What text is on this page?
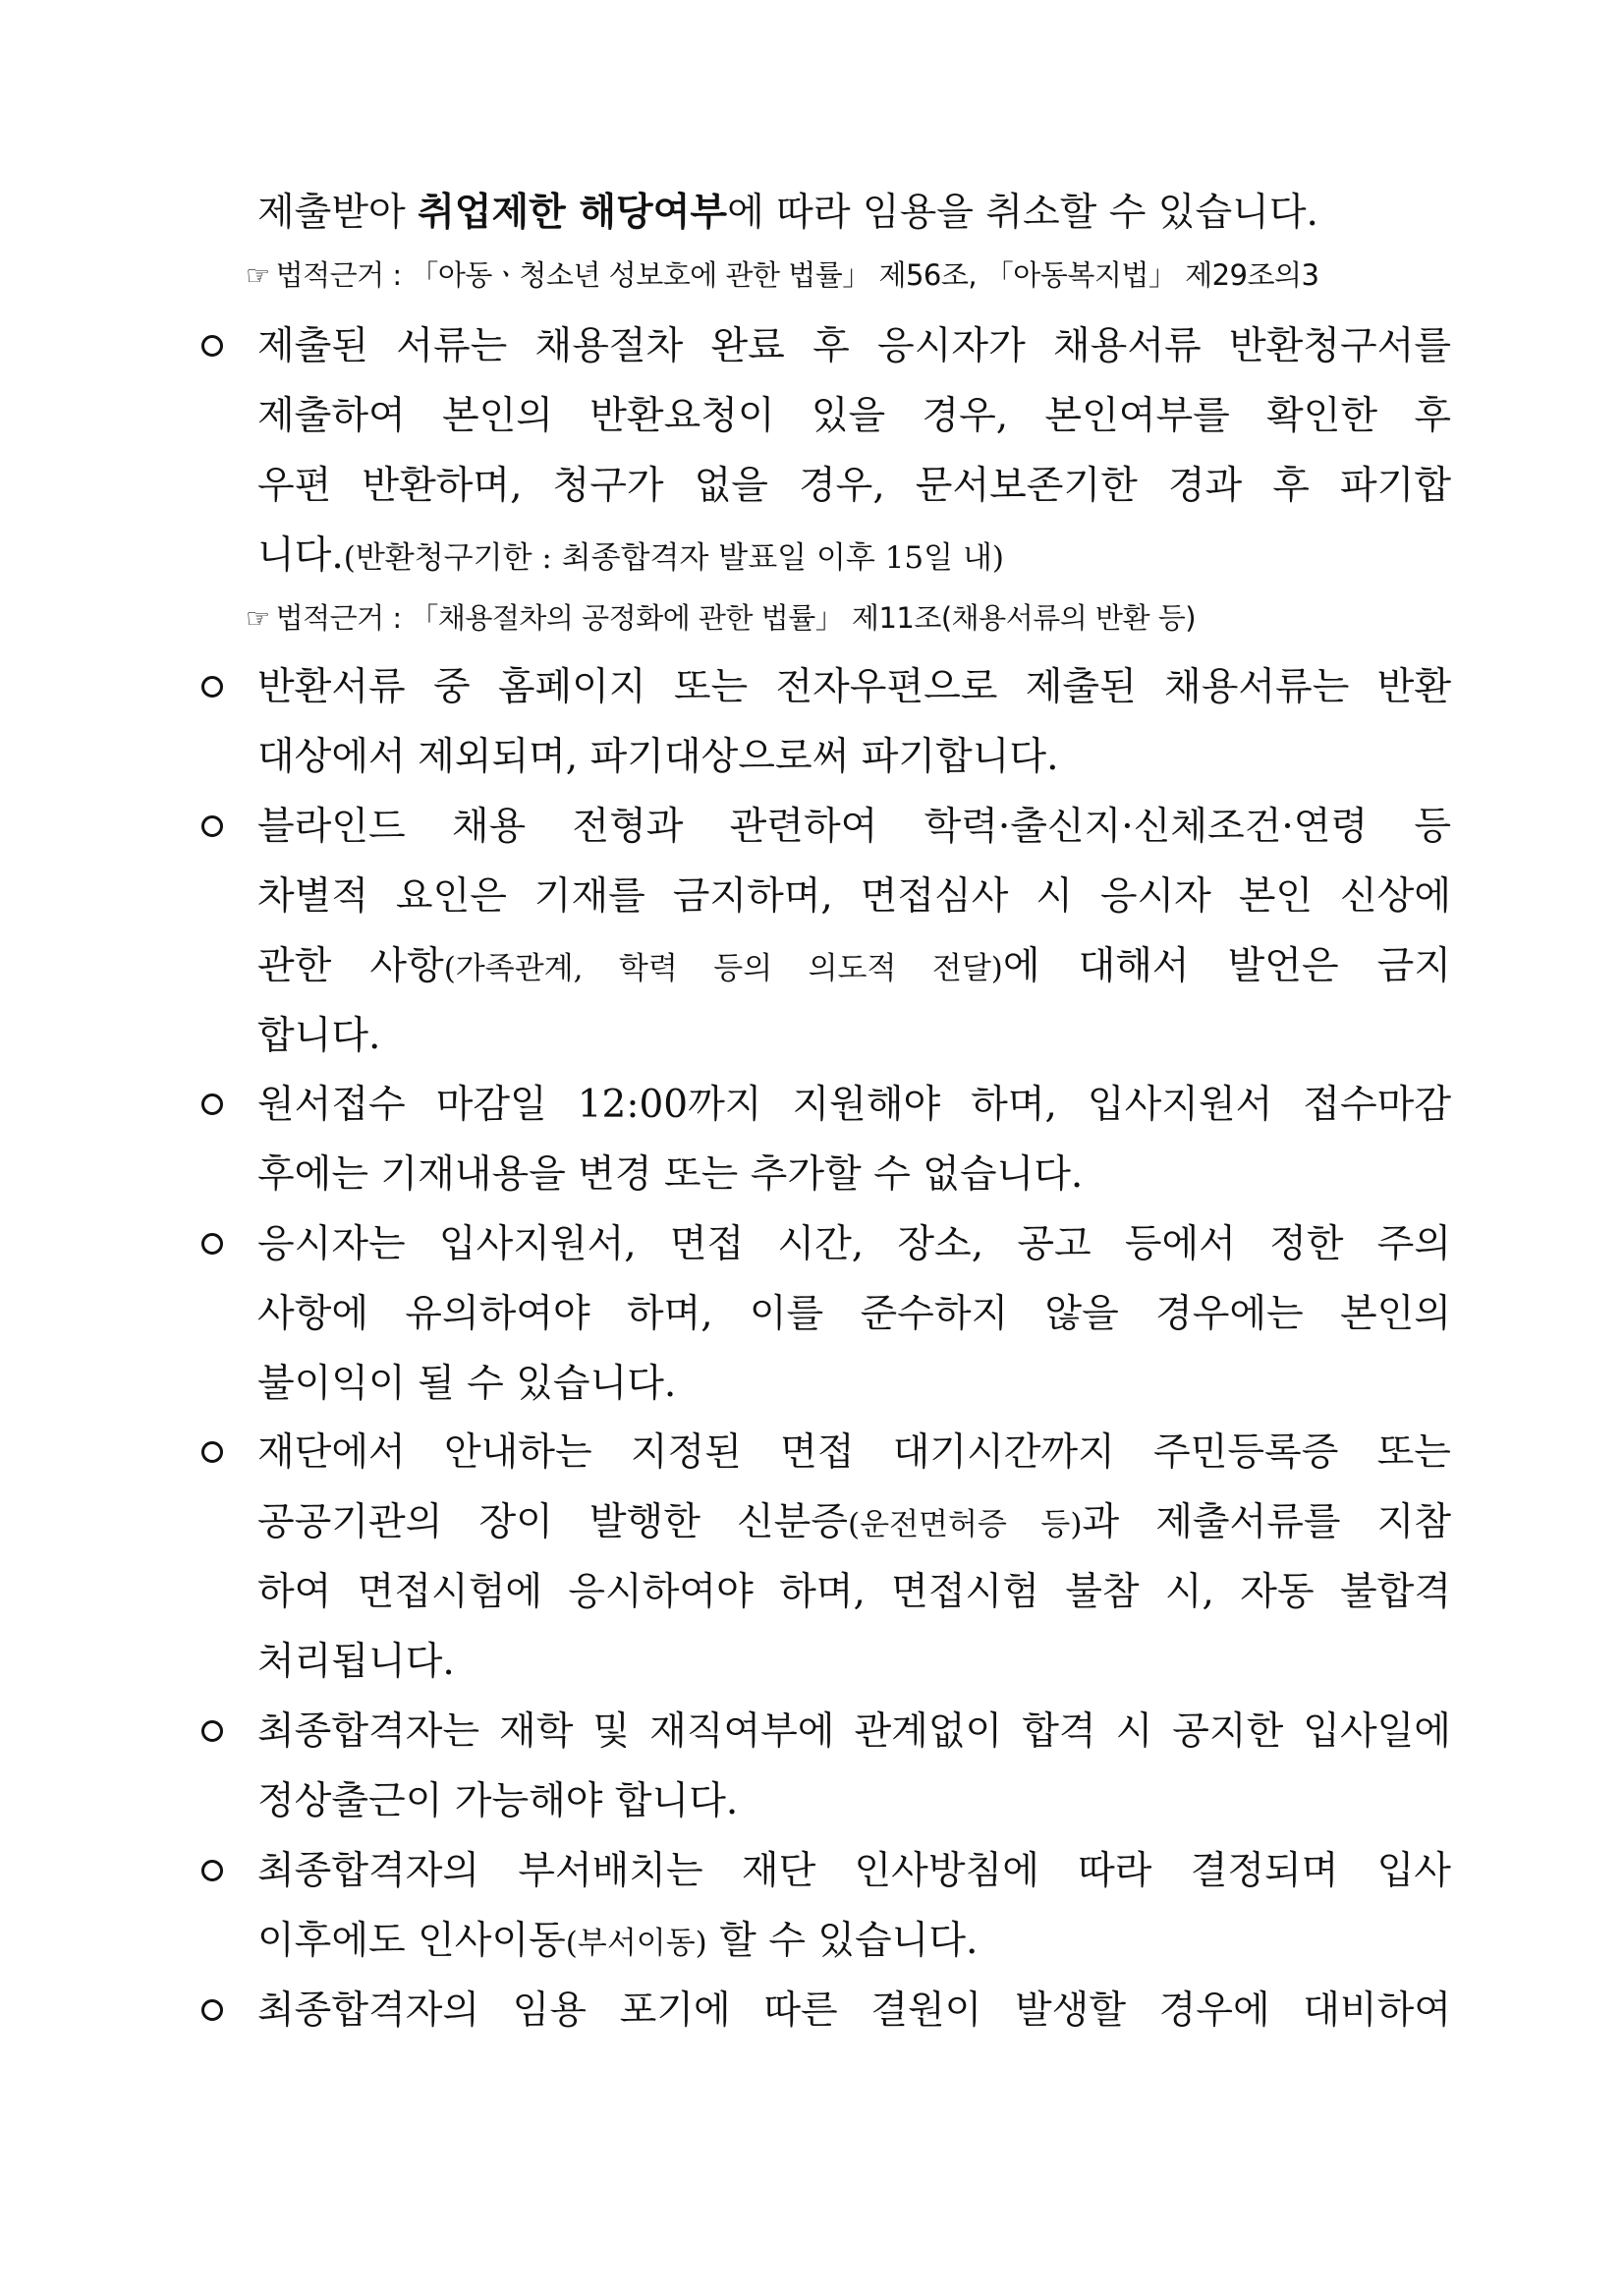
제출받아 취업제한 해당여부에 따라 임용을 취소할 수 있습니다.
☞ 법적근거 : 「아동ㆍ청소년 성보호에 관한 법률」 제56조, 「아동복지법」 제29조의3
제출된 서류는 채용절차 완료 후 응시자가 채용서류 반환청구서를
제출하여 본인의 반환요청이 있을 경우, 본인여부를 확인한 후
우편 반환하며, 청구가 없을 경우, 문서보존기한 경과 후 파기합
니다.(반환청구기한 : 최종합격자 발표일 이후 15일 내)
☞ 법적근거 : 「채용절차의 공정화에 관한 법률」 제11조(채용서류의 반환 등)
반환서류 중 홈페이지 또는 전자우편으로 제출된 채용서류는 반환
대상에서 제외되며, 파기대상으로써 파기합니다.
블라인드 채용 전형과 관련하여 학력·출신지·신체조건·연령 등
차별적 요인은 기재를 금지하며, 면접심사 시 응시자 본인 신상에
관한 사항(가족관계, 학력 등의 의도적 전달)에 대해서 발언은 금지
합니다.
원서접수 마감일 12:00까지 지원해야 하며, 입사지원서 접수마감
후에는 기재내용을 변경 또는 추가할 수 없습니다.
응시자는 입사지원서, 면접 시간, 장소, 공고 등에서 정한 주의
사항에 유의하여야 하며, 이를 준수하지 않을 경우에는 본인의
불이익이 될 수 있습니다.
재단에서 안내하는 지정된 면접 대기시간까지 주민등록증 또는
공공기관의 장이 발행한 신분증(운전면허증 등)과 제출서류를 지참
하여 면접시험에 응시하여야 하며, 면접시험 불참 시, 자동 불합격
처리됩니다.
최종합격자는 재학 및 재직여부에 관계없이 합격 시 공지한 입사일에
정상출근이 가능해야 합니다.
최종합격자의 부서배치는 재단 인사방침에 따라 결정되며 입사
이후에도 인사이동(부서이동) 할 수 있습니다.
최종합격자의 임용 포기에 따른 결원이 발생할 경우에 대비하여
